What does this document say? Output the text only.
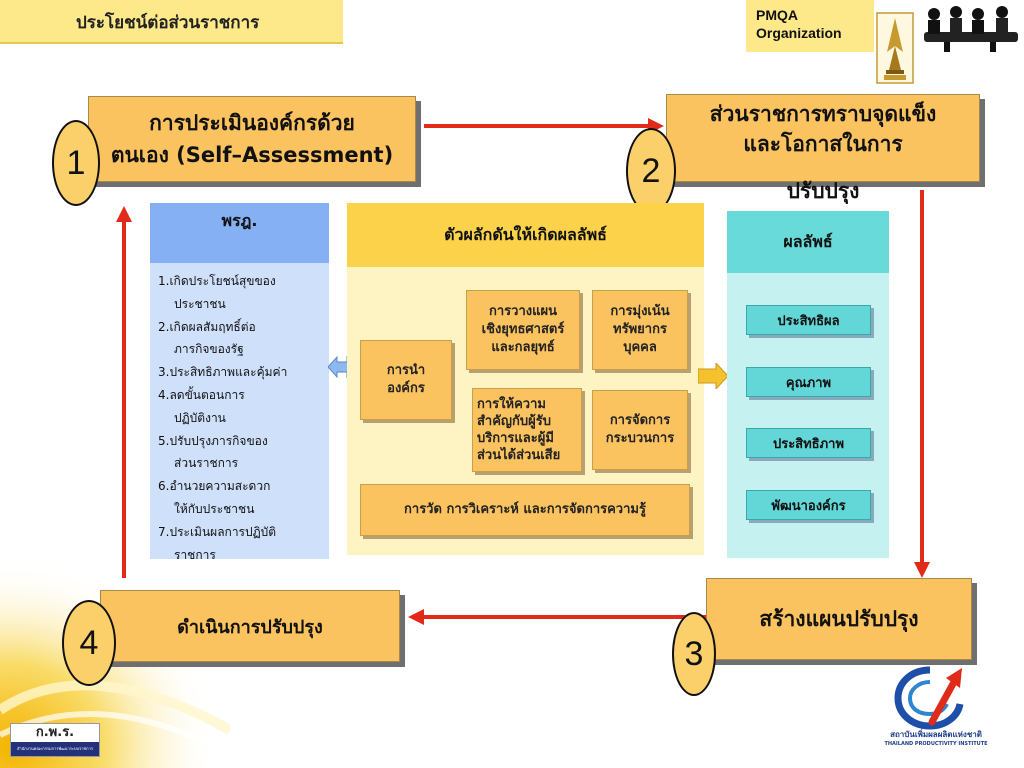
ประโยชน์ต่อส่วนราชการ	PMQA
Organization
การประเมินองค์กรด้วย
ตนเอง (Self–Assessment)
1
ส่วนราชการทราบจุดแข็ง
และโอกาสในการ
ปรับปรุง
2
สร้างแผนปรับปรุง
3
ดำเนินการปรับปรุง
4
พรฎ.
1.เกิดประโยชน์สุขของ
ประชาชน
2.เกิดผลสัมฤทธิ์ต่อ
ภารกิจของรัฐ
3.ประสิทธิภาพและคุ้มค่า
4.ลดขั้นตอนการ
ปฏิบัติงาน
5.ปรับปรุงภารกิจของ
ส่วนราชการ
6.อำนวยความสะดวก
ให้กับประชาชน
7.ประเมินผลการปฏิบัติ
ราชการ
ตัวผลักดันให้เกิดผลลัพธ์
การนำ
องค์กร
การวางแผน
เชิงยุทธศาสตร์
และกลยุทธ์
การมุ่งเน้น
ทรัพยากร
บุคคล
การให้ความ
สำคัญกับผู้รับ
บริการและผู้มี
ส่วนได้ส่วนเสีย
การจัดการ
กระบวนการ
การวัด การวิเคราะห์ และการจัดการความรู้
ผลลัพธ์
ประสิทธิผล
คุณภาพ
ประสิทธิภาพ
พัฒนาองค์กร
ก.พ.ร.
สำนักงานคณะกรรมการพัฒนาระบบราชการ
สถาบันเพิ่มผลผลิตแห่งชาติ
THAILAND PRODUCTIVITY INSTITUTE
